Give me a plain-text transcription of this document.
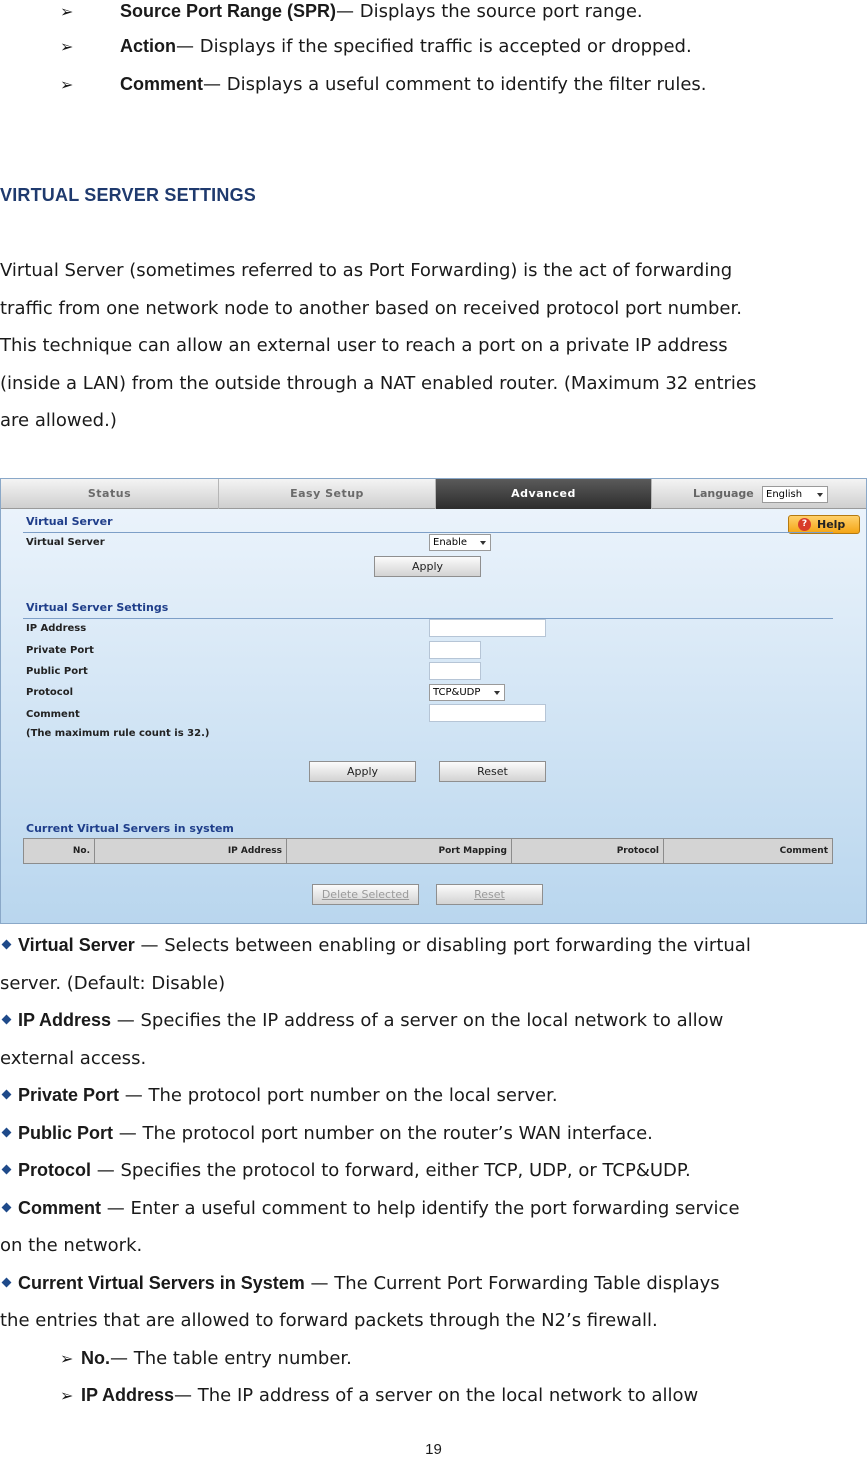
➢	Source Port Range (SPR) — Displays the source port range.
➢	Action — Displays if the specified traffic is accepted or dropped.
➢	Comment — Displays a useful comment to identify the filter rules.
VIRTUAL SERVER SETTINGS
Virtual Server (sometimes referred to as Port Forwarding) is the act of forwarding
traffic from one network node to another based on received protocol port number.
This technique can allow an external user to reach a port on a private IP address
(inside a LAN) from the outside through a NAT enabled router. (Maximum 32 entries
are allowed.)
Status	Easy Setup	Advanced	Language	English
Virtual Server	? Help
Virtual Server	Enable
Apply
Virtual Server Settings
IP Address
Private Port
Public Port
Protocol	TCP&UDP
Comment
(The maximum rule count is 32.)
Apply	Reset
Current Virtual Servers in system
No.	IP Address	Port Mapping	Protocol	Comment
Delete Selected	Reset
Virtual Server — Selects between enabling or disabling port forwarding the virtual
server. (Default: Disable)
IP Address — Specifies the IP address of a server on the local network to allow
external access.
Private Port — The protocol port number on the local server.
Public Port — The protocol port number on the router’s WAN interface.
Protocol — Specifies the protocol to forward, either TCP, UDP, or TCP&UDP.
Comment — Enter a useful comment to help identify the port forwarding service
on the network.
Current Virtual Servers in System — The Current Port Forwarding Table displays
the entries that are allowed to forward packets through the N2’s firewall.
➢ No. — The table entry number.
➢ IP Address — The IP address of a server on the local network to allow
19
